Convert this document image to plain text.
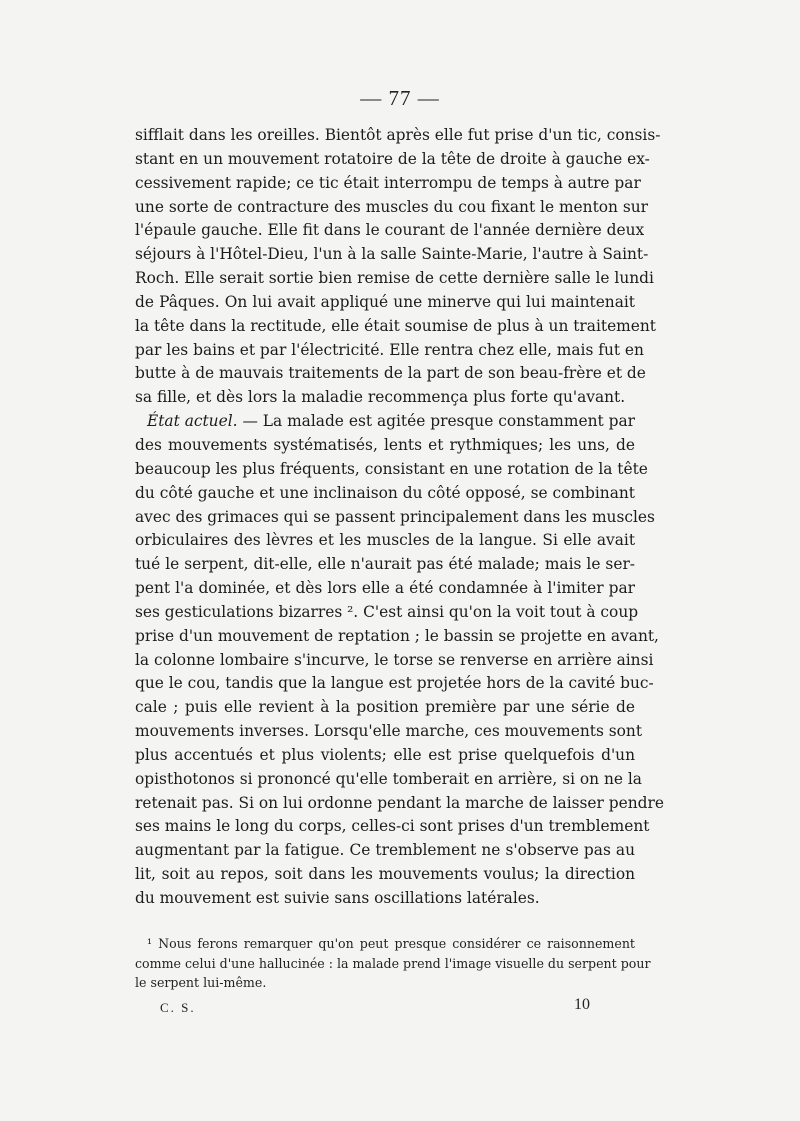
— 77 —
sifflait dans les oreilles. Bientôt après elle fut prise d'un tic, consis-
stant en un mouvement rotatoire de la tête de droite à gauche ex-
cessivement rapide; ce tic était interrompu de temps à autre par
une sorte de contracture des muscles du cou fixant le menton sur
l'épaule gauche. Elle fit dans le courant de l'année dernière deux
séjours à l'Hôtel-Dieu, l'un à la salle Sainte-Marie, l'autre à Saint-
Roch. Elle serait sortie bien remise de cette dernière salle le lundi
de Pâques. On lui avait appliqué une minerve qui lui maintenait
la tête dans la rectitude, elle était soumise de plus à un traitement
par les bains et par l'électricité. Elle rentra chez elle, mais fut en
butte à de mauvais traitements de la part de son beau-frère et de
sa fille, et dès lors la maladie recommença plus forte qu'avant.
État actuel. — La malade est agitée presque constamment par
des mouvements systématisés, lents et rythmiques; les uns, de
beaucoup les plus fréquents, consistant en une rotation de la tête
du côté gauche et une inclinaison du côté opposé, se combinant
avec des grimaces qui se passent principalement dans les muscles
orbiculaires des lèvres et les muscles de la langue. Si elle avait
tué le serpent, dit-elle, elle n'aurait pas été malade; mais le ser-
pent l'a dominée, et dès lors elle a été condamnée à l'imiter par
ses gesticulations bizarres ². C'est ainsi qu'on la voit tout à coup
prise d'un mouvement de reptation ; le bassin se projette en avant,
la colonne lombaire s'incurve, le torse se renverse en arrière ainsi
que le cou, tandis que la langue est projetée hors de la cavité buc-
cale ; puis elle revient à la position première par une série de
mouvements inverses. Lorsqu'elle marche, ces mouvements sont
plus accentués et plus violents; elle est prise quelquefois d'un
opisthotonos si prononcé qu'elle tomberait en arrière, si on ne la
retenait pas. Si on lui ordonne pendant la marche de laisser pendre
ses mains le long du corps, celles-ci sont prises d'un tremblement
augmentant par la fatigue. Ce tremblement ne s'observe pas au
lit, soit au repos, soit dans les mouvements voulus; la direction
du mouvement est suivie sans oscillations latérales.
¹ Nous ferons remarquer qu'on peut presque considérer ce raisonnement
comme celui d'une hallucinée : la malade prend l'image visuelle du serpent pour
le serpent lui-même.
C. S.	10
